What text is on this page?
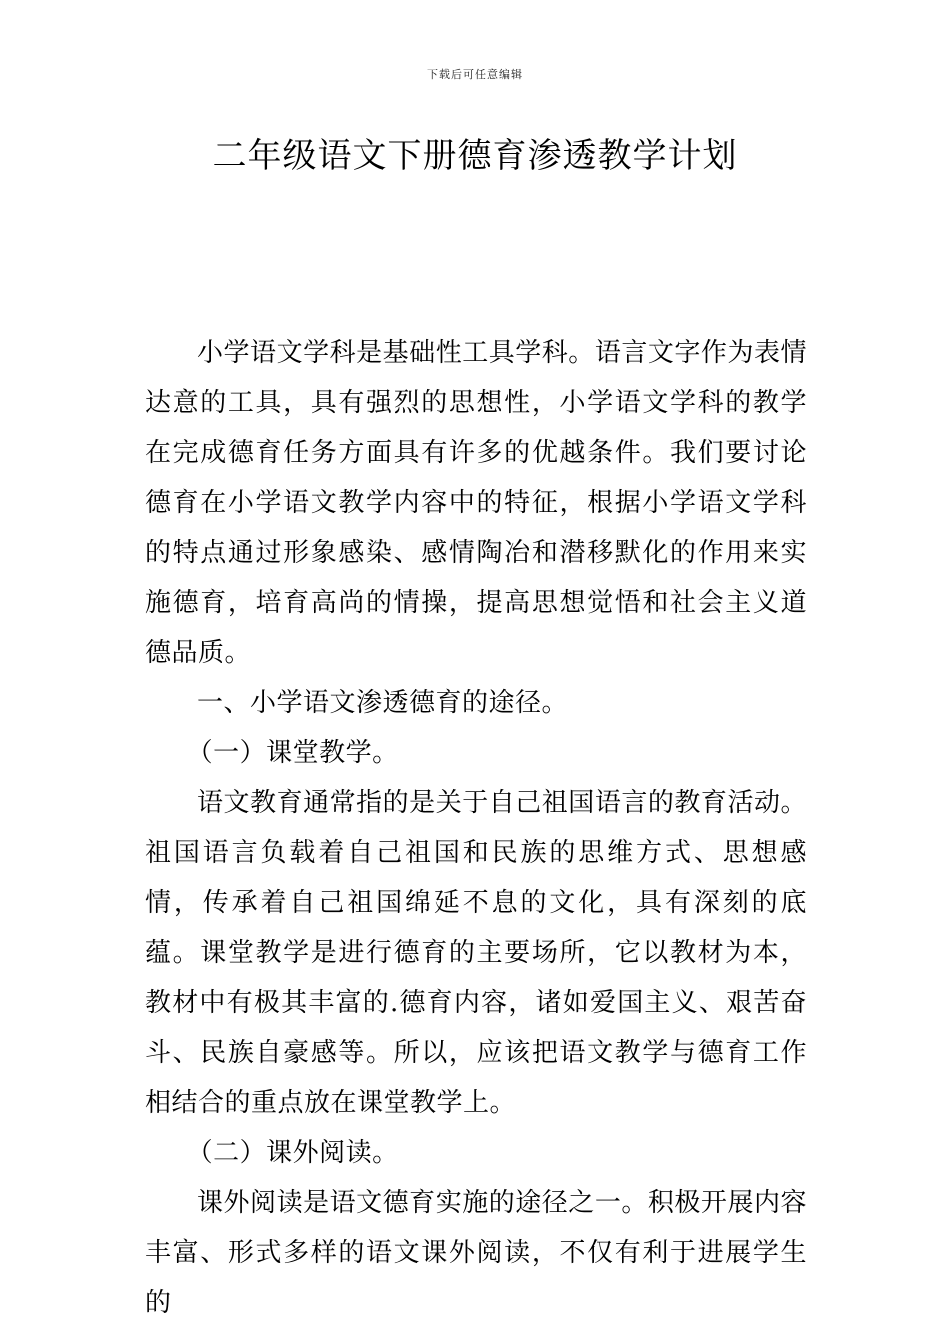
下载后可任意编辑
二年级语文下册德育渗透教学计划

小学语文学科是基础性工具学科。语言文字作为表情达意的工具，具有强烈的思想性，小学语文学科的教学在完成德育任务方面具有许多的优越条件。我们要讨论德育在小学语文教学内容中的特征，根据小学语文学科的特点通过形象感染、感情陶冶和潜移默化的作用来实施德育，培育高尚的情操，提高思想觉悟和社会主义道德品质。

一、小学语文渗透德育的途径。

（一）课堂教学。

语文教育通常指的是关于自己祖国语言的教育活动。祖国语言负载着自己祖国和民族的思维方式、思想感情，传承着自己祖国绵延不息的文化，具有深刻的底蕴。课堂教学是进行德育的主要场所，它以教材为本，教材中有极其丰富的.德育内容，诸如爱国主义、艰苦奋斗、民族自豪感等。所以，应该把语文教学与德育工作相结合的重点放在课堂教学上。

（二）课外阅读。

课外阅读是语文德育实施的途径之一。积极开展内容丰富、形式多样的语文课外阅读，不仅有利于进展学生的
